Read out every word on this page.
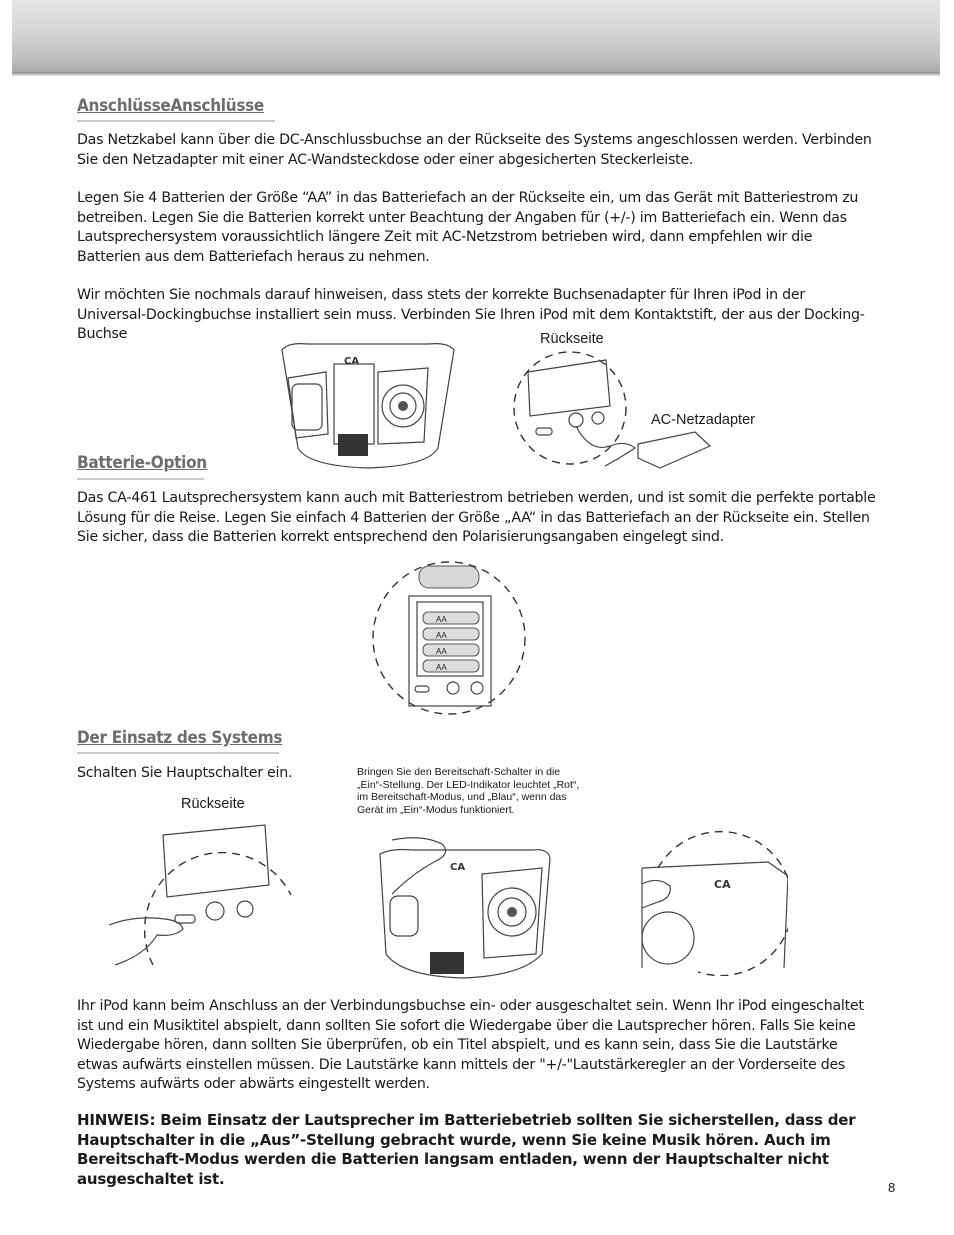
AnschlüsseAnschlüsse

Das Netzkabel kann über die DC-Anschlussbuchse an der Rückseite des Systems angeschlossen werden. Verbinden Sie den Netzadapter mit einer AC-Wandsteckdose oder einer abgesicherten Steckerleiste.

Legen Sie 4 Batterien der Größe “AA” in das Batteriefach an der Rückseite ein, um das Gerät mit Batteriestrom zu betreiben. Legen Sie die Batterien korrekt unter Beachtung der Angaben für (+/-) im Batteriefach ein. Wenn das Lautsprechersystem voraussichtlich längere Zeit mit AC-Netzstrom betrieben wird, dann empfehlen wir die Batterien aus dem Batteriefach heraus zu nehmen.

Wir möchten Sie nochmals darauf hinweisen, dass stets der korrekte Buchsenadapter für Ihren iPod in der Universal-Dockingbuchse installiert sein muss. Verbinden Sie Ihren iPod mit dem Kontaktstift, der aus der Docking-Buchse

CA
Rückseite
AC-Netzadapter
Batterie-Option

Das CA-461 Lautsprechersystem kann auch mit Batteriestrom betrieben werden, und ist somit die perfekte portable Lösung für die Reise. Legen Sie einfach 4 Batterien der Größe „AA“ in das Batteriefach an der Rückseite ein. Stellen Sie sicher, dass die Batterien korrekt entsprechend den Polarisierungsangaben eingelegt sind.

AA
AA
AA
AA
Der Einsatz des Systems
Schalten Sie Hauptschalter ein.
Rückseite

Bringen Sie den Bereitschaft-Schalter in die „Ein“-Stellung. Der LED-Indikator leuchtet „Rot“, im Bereitschaft-Modus, und „Blau“, wenn das Gerät im „Ein“-Modus funktioniert.

CA
CA

Ihr iPod kann beim Anschluss an der Verbindungsbuchse ein- oder ausgeschaltet sein. Wenn Ihr iPod eingeschaltet ist und ein Musiktitel abspielt, dann sollten Sie sofort die Wiedergabe über die Lautsprecher hören. Falls Sie keine Wiedergabe hören, dann sollten Sie überprüfen, ob ein Titel abspielt, und es kann sein, dass Sie die Lautstärke etwas aufwärts einstellen müssen. Die Lautstärke kann mittels der "+/-"Lautstärkeregler an der Vorderseite des Systems aufwärts oder abwärts eingestellt werden.

HINWEIS: Beim Einsatz der Lautsprecher im Batteriebetrieb sollten Sie sicherstellen, dass der Hauptschalter in die „Aus”-Stellung gebracht wurde, wenn Sie keine Musik hören. Auch im Bereitschaft-Modus werden die Batterien langsam entladen, wenn der Hauptschalter nicht ausgeschaltet ist.	8
